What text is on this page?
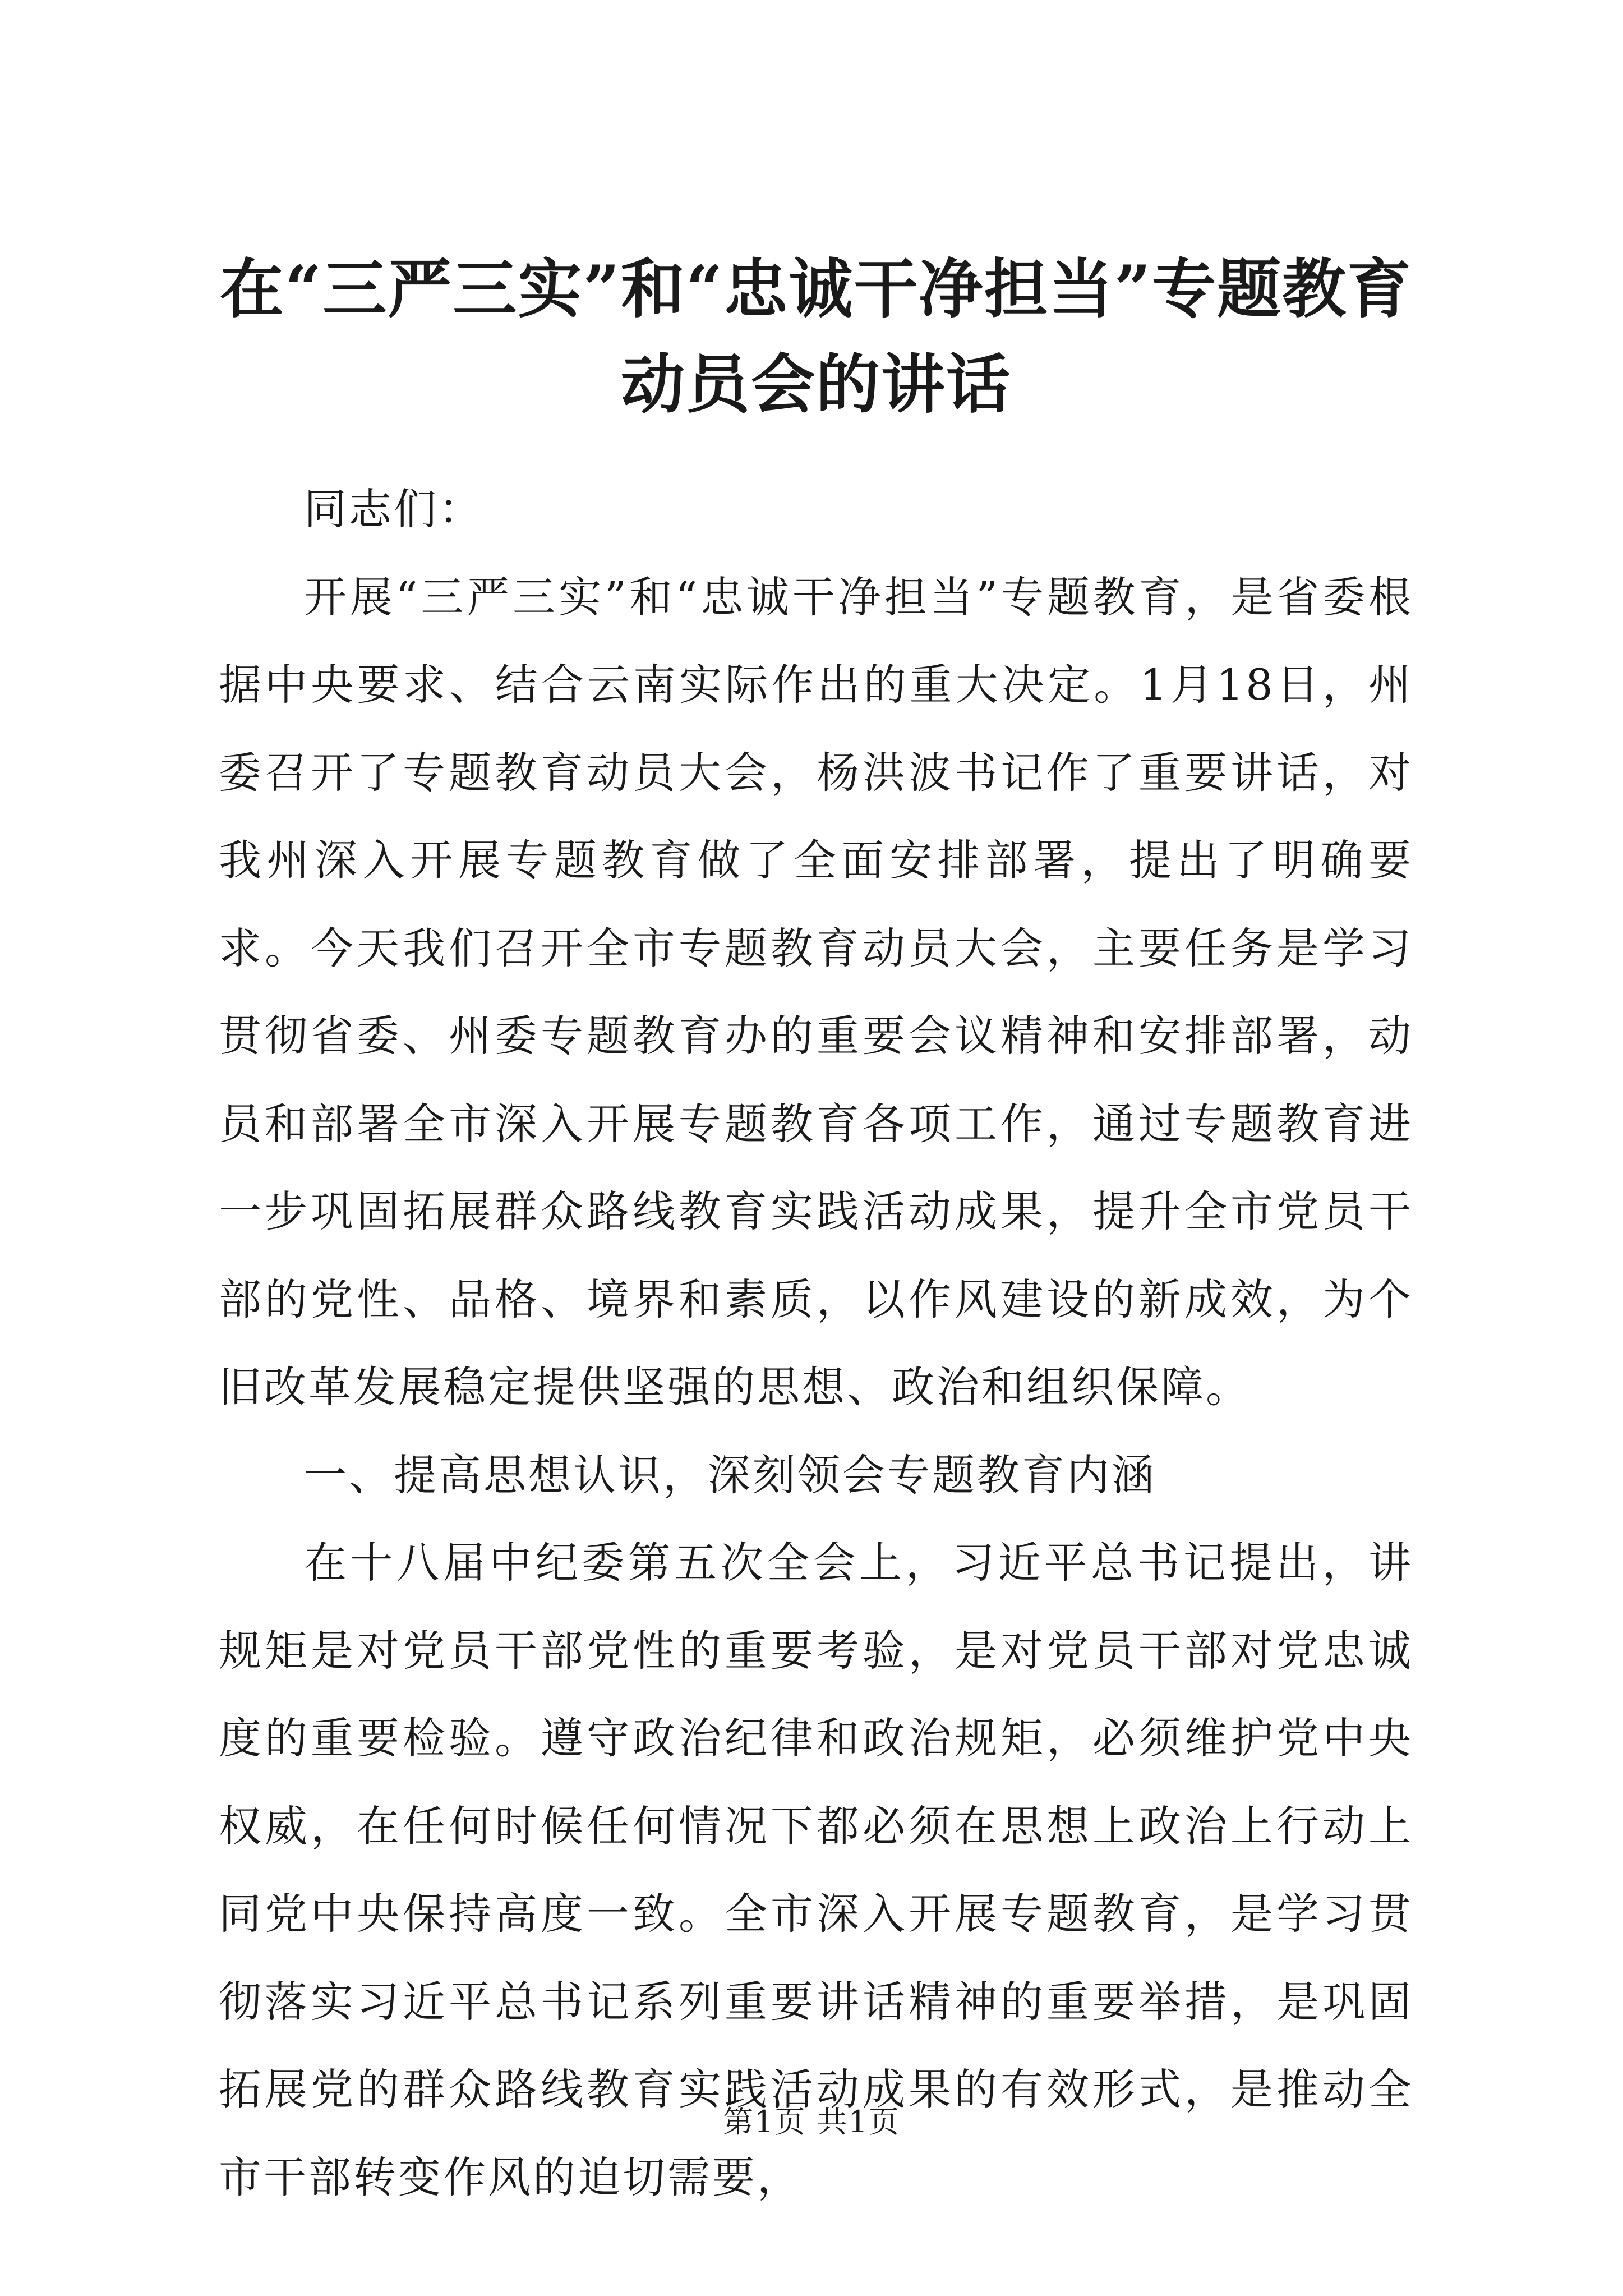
在“三严三实”和“忠诚干净担当”专题教育
动员会的讲话

同志们：

开展“三严三实”和“忠诚干净担当”专题教育，是省委根据中央要求、结合云南实际作出的重大决定。1月18日，州委召开了专题教育动员大会，杨洪波书记作了重要讲话，对我州深入开展专题教育做了全面安排部署，提出了明确要求。今天我们召开全市专题教育动员大会，主要任务是学习贯彻省委、州委专题教育办的重要会议精神和安排部署，动员和部署全市深入开展专题教育各项工作，通过专题教育进一步巩固拓展群众路线教育实践活动成果，提升全市党员干部的党性、品格、境界和素质，以作风建设的新成效，为个旧改革发展稳定提供坚强的思想、政治和组织保障。

一、提高思想认识，深刻领会专题教育内涵

在十八届中纪委第五次全会上，习近平总书记提出，讲规矩是对党员干部党性的重要考验，是对党员干部对党忠诚度的重要检验。遵守政治纪律和政治规矩，必须维护党中央权威，在任何时候任何情况下都必须在思想上政治上行动上同党中央保持高度一致。全市深入开展专题教育，是学习贯彻落实习近平总书记系列重要讲话精神的重要举措，是巩固拓展党的群众路线教育实践活动成果的有效形式，是推动全市干部转变作风的迫切需要，

第1页 共1页
